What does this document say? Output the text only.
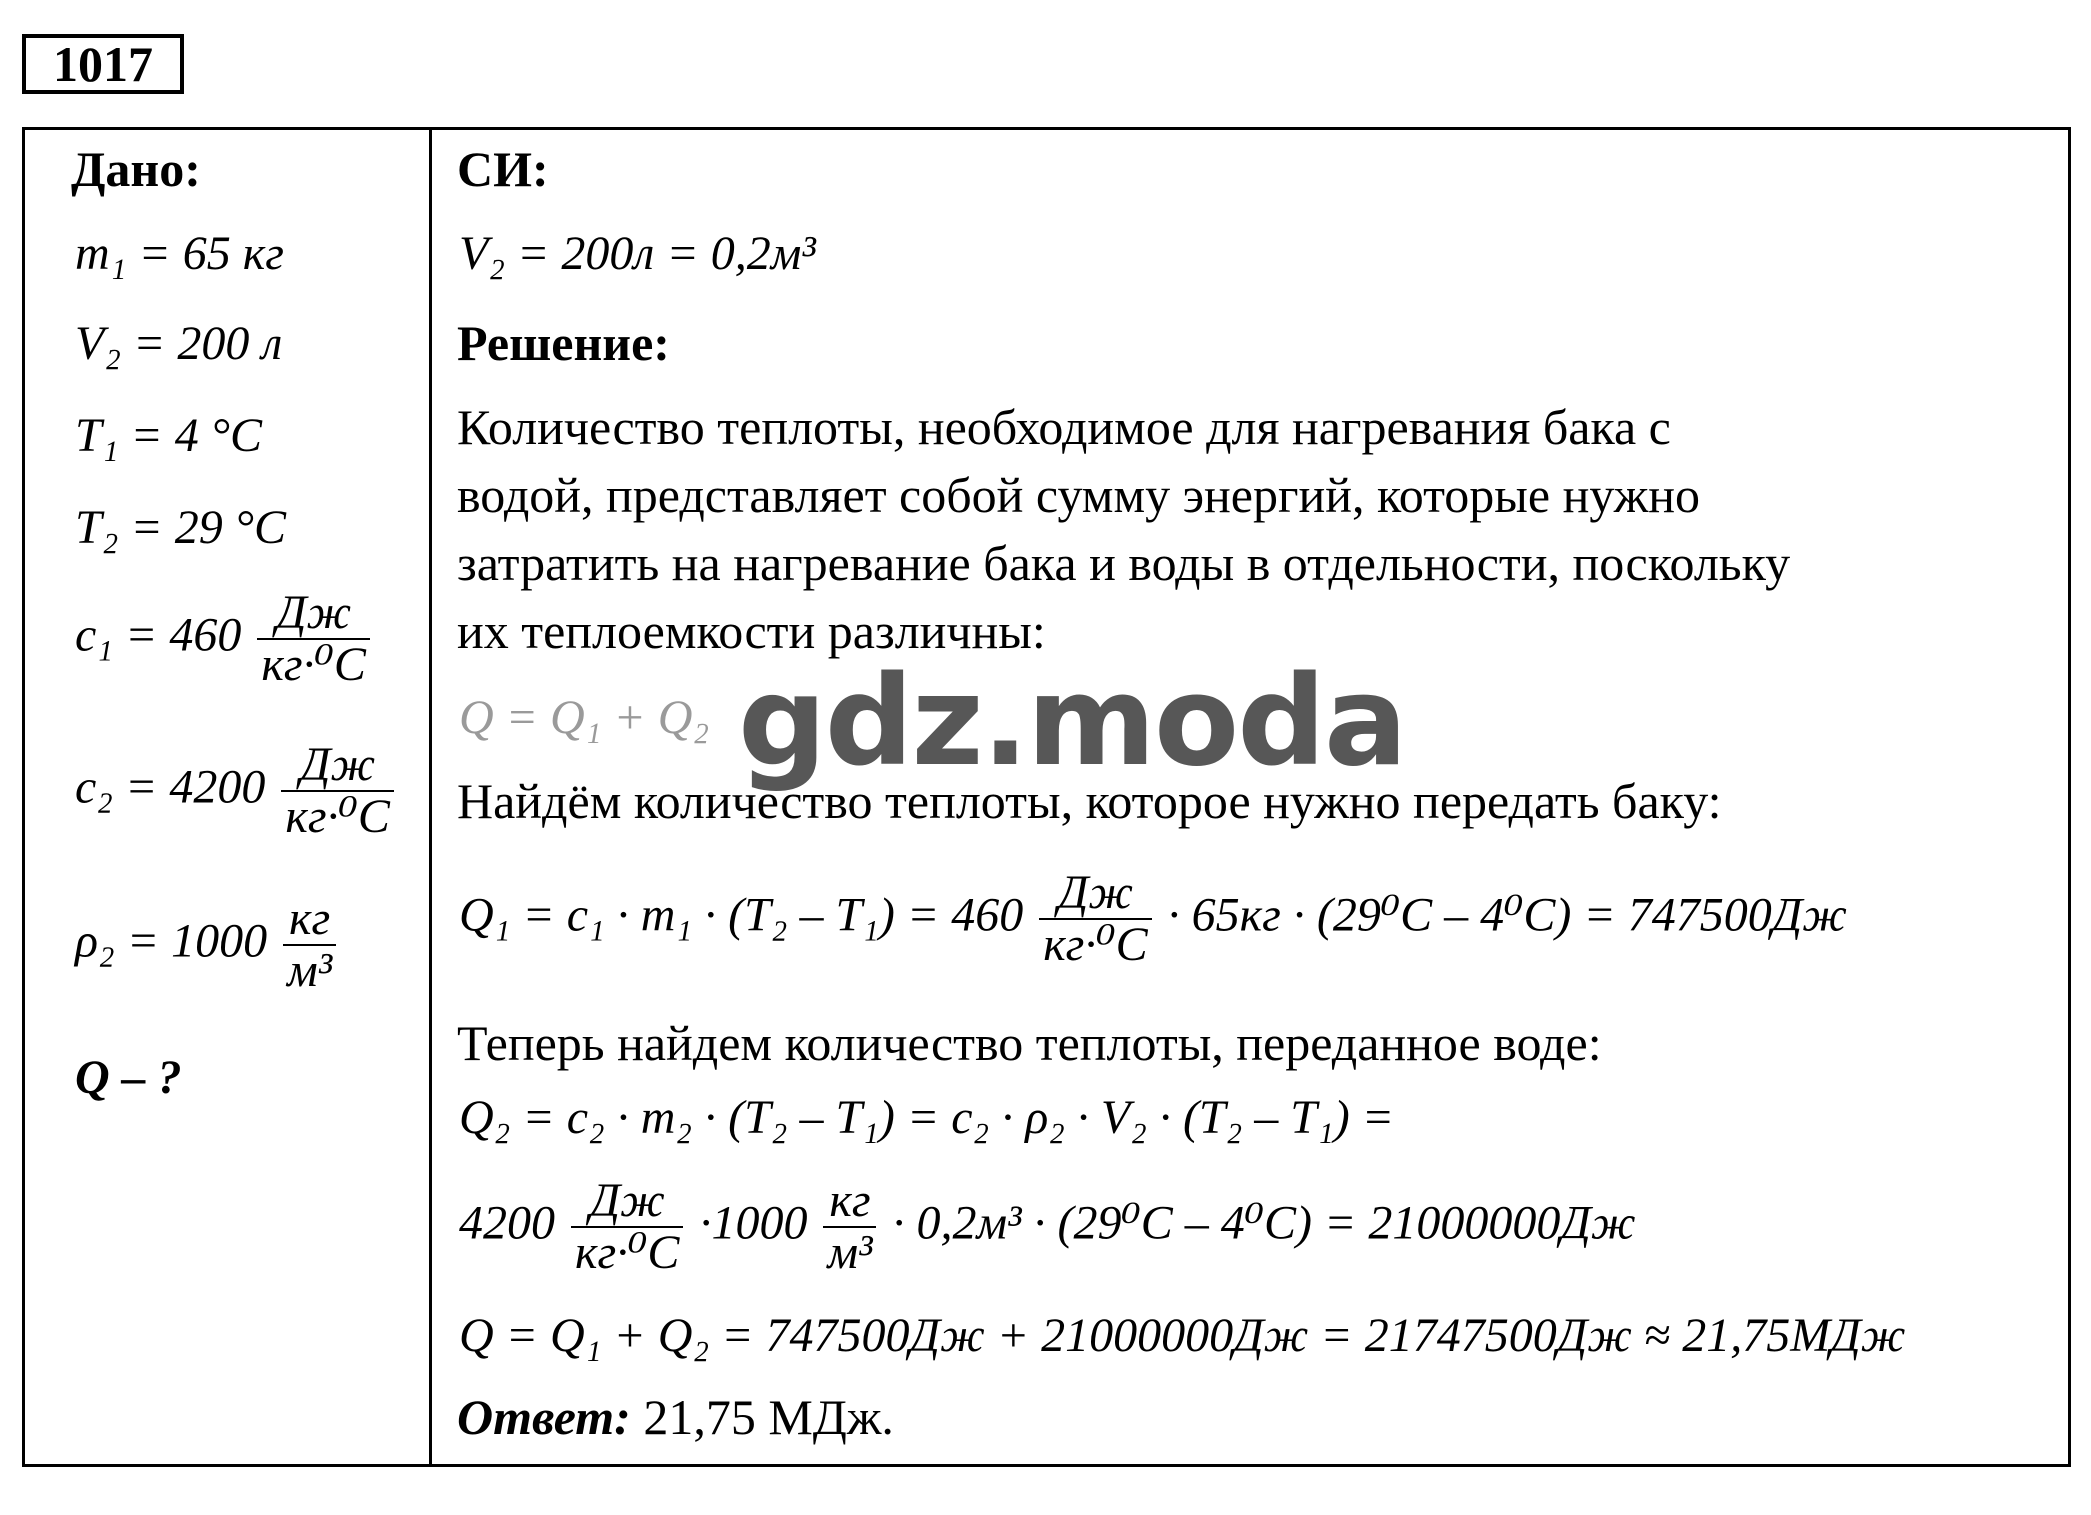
1017
Дано:
m₁ = 65 кг
V₂ = 200 л
T₁ = 4 °C
T₂ = 29 °C
$c_1 = 460 \frac{Дж}{\text{кг·⁰С}}$
$c_2 = 4200 \frac{Дж}{\text{кг·⁰С}}$
$\rho_2 = 1000 \frac{кг}{\text{м³}}$
Q – ?
СИ:
V₂ = 200л = 0,2м³
Решение:
Количество теплоты, необходимое для нагревания бака с
водой, представляет собой сумму энергий, которые нужно
затратить на нагревание бака и воды в отдельности, поскольку
их теплоемкости различны:
Q = Q₁ + Q₂
Найдём количество теплоты, которое нужно передать баку:
$Q_1 = c_1 \cdot m_1 \cdot (T_2 - T_1) = 460 \frac{Дж}{\text{кг·⁰С}} \cdot 65кг \cdot (29^0С - 4^0С) = 747500Дж$
Теперь найдем количество теплоты, переданное воде:
Q₂ = c₂ · m₂ · (T₂ – T₁) = c₂ · ρ₂ · V₂ · (T₂ – T₁) =
$4200 \frac{Дж}{\text{кг·⁰С}} \cdot 1000 \frac{кг}{\text{м³}} \cdot 0,2м^3 \cdot (29^0С - 4^0С) = 21000000Дж$
Q = Q₁ + Q₂ = 747500Дж + 21000000Дж = 21747500Дж ≈ 21,75МДж
Ответ: 21,75 МДж.
gdz.moda
